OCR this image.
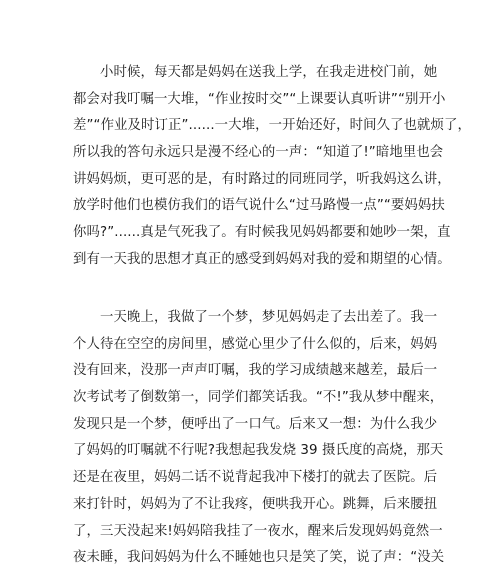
小时候，每天都是妈妈在送我上学，在我走进校门前，她
都会对我叮嘱一大堆，“作业按时交”“上课要认真听讲”“别开小
差”“作业及时订正”......一大堆，一开始还好，时间久了也就烦了，
所以我的答句永远只是漫不经心的一声：“知道了!”暗地里也会
讲妈妈烦，更可恶的是，有时路过的同班同学，听我妈这么讲，
放学时他们也模仿我们的语气说什么“过马路慢一点”“要妈妈扶
你吗?”......真是气死我了。有时候我见妈妈都要和她吵一架，直
到有一天我的思想才真正的感受到妈妈对我的爱和期望的心情。
一天晚上，我做了一个梦，梦见妈妈走了去出差了。我一
个人待在空空的房间里，感觉心里少了什么似的，后来，妈妈
没有回来，没那一声声叮嘱，我的学习成绩越来越差，最后一
次考试考了倒数第一，同学们都笑话我。“不!”我从梦中醒来，
发现只是一个梦，便呼出了一口气。后来又一想：为什么我少
了妈妈的叮嘱就不行呢?我想起我发烧 39 摄氏度的高烧，那天
还是在夜里，妈妈二话不说背起我冲下楼打的就去了医院。后
来打针时，妈妈为了不让我疼，便哄我开心。跳舞，后来腰扭
了，三天没起来!妈妈陪我挂了一夜水，醒来后发现妈妈竟然一
夜未睡，我问妈妈为什么不睡她也只是笑了笑，说了声：“没关
